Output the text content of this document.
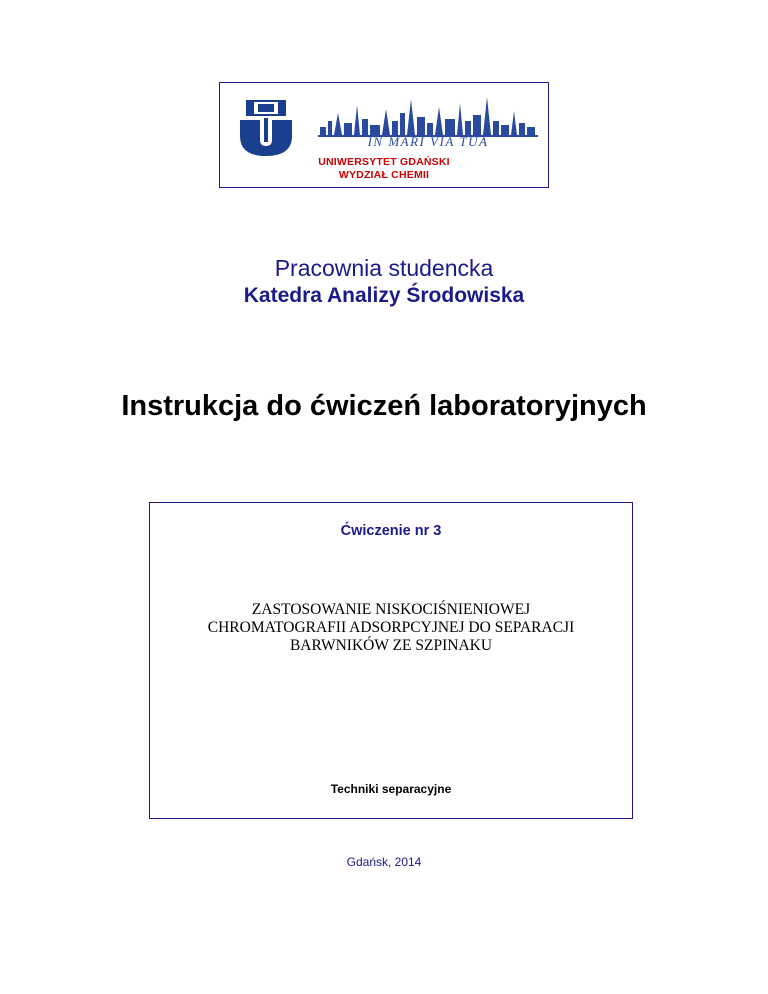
IN MARI VIA TUA
UNIWERSYTET GDAŃSKI
WYDZIAŁ CHEMII
Pracownia studencka
Katedra Analizy Środowiska
Instrukcja do ćwiczeń laboratoryjnych
Ćwiczenie nr 3
ZASTOSOWANIE NISKOCIŚNIENIOWEJ
CHROMATOGRAFII ADSORPCYJNEJ DO SEPARACJI
BARWNIKÓW ZE SZPINAKU
Techniki separacyjne
Gdańsk, 2014
